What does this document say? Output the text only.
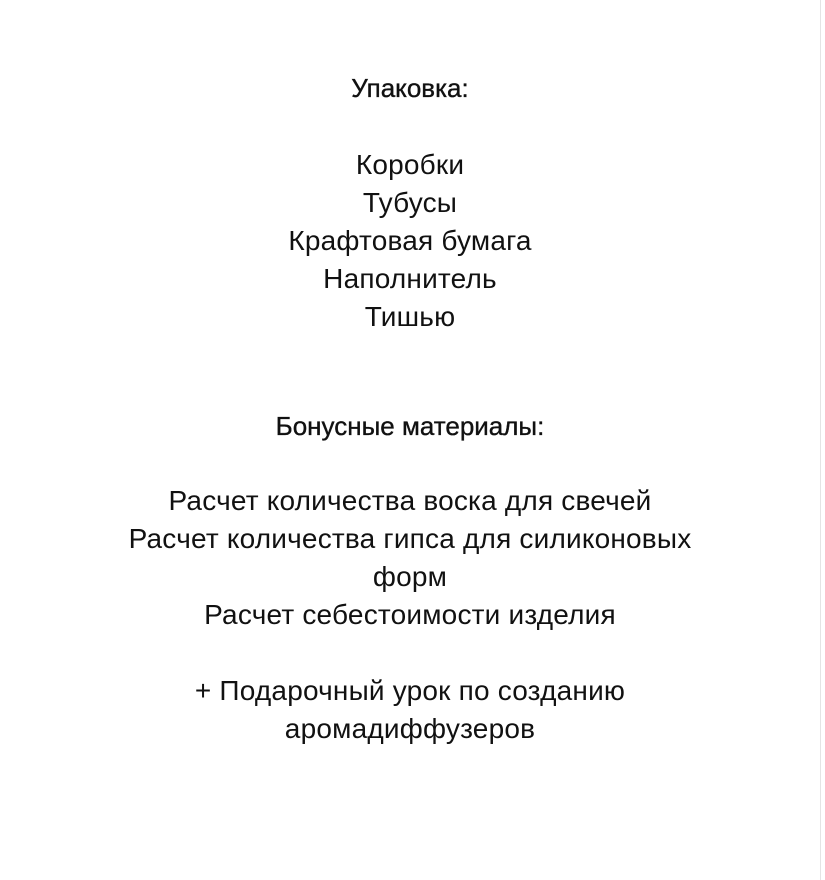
Упаковка:

Коробки

Тубусы

Крафтовая бумага

Наполнитель

Тишью

Бонусные материалы:

Расчет количества воска для свечей

Расчет количества гипса для силиконовых

форм

Расчет себестоимости изделия

+ Подарочный урок по созданию

аромадиффузеров
